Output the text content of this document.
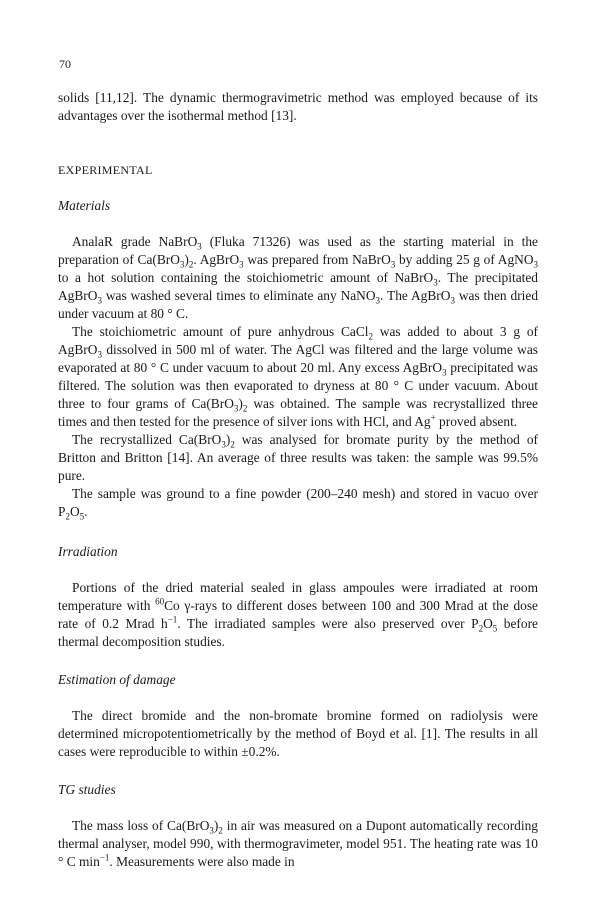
70

solids [11,12]. The dynamic thermogravimetric method was employed because of its advantages over the isothermal method [13].

EXPERIMENTAL
Materials

AnalaR grade NaBrO$_3$ (Fluka 71326) was used as the starting material in the preparation of $Ca(BrO_3)_2$. AgBrO$_3$ was prepared from NaBrO$_3$ by adding 25 g of AgNO$_3$ to a hot solution containing the stoichiometric amount of NaBrO$_3$. The precipitated AgBrO$_3$ was washed several times to eliminate any NaNO$_3$. The AgBrO$_3$ was then dried under vacuum at 80 ° C.

The stoichiometric amount of pure anhydrous CaCl$_2$ was added to about 3 g of AgBrO$_3$ dissolved in 500 ml of water. The AgCl was filtered and the large volume was evaporated at 80 ° C under vacuum to about 20 ml. Any excess AgBrO$_3$ precipitated was filtered. The solution was then evaporated to dryness at 80 ° C under vacuum. About three to four grams of $Ca(BrO_3)_2$ was obtained. The sample was recrystallized three times and then tested for the presence of silver ions with HCl, and Ag+ proved absent.

The recrystallized $Ca(BrO_3)_2$ was analysed for bromate purity by the method of Britton and Britton [14]. An average of three results was taken: the sample was 99.5% pure.

The sample was ground to a fine powder (200–240 mesh) and stored in vacuo over $P_2O_5$.

Irradiation

Portions of the dried material sealed in glass ampoules were irradiated at room temperature with $^{60}$Co γ-rays to different doses between 100 and 300 Mrad at the dose rate of 0.2 Mrad $h^{-1}$. The irradiated samples were also preserved over $P_2O_5$ before thermal decomposition studies.

Estimation of damage

The direct bromide and the non-bromate bromine formed on radiolysis were determined micropotentiometrically by the method of Boyd et al. [1]. The results in all cases were reproducible to within ±0.2%.

TG studies

The mass loss of $Ca(BrO_3)_2$ in air was measured on a Dupont automatically recording thermal analyser, model 990, with thermogravimeter, model 951. The heating rate was 10 ° C $\min^{-1}$. Measurements were also made in
